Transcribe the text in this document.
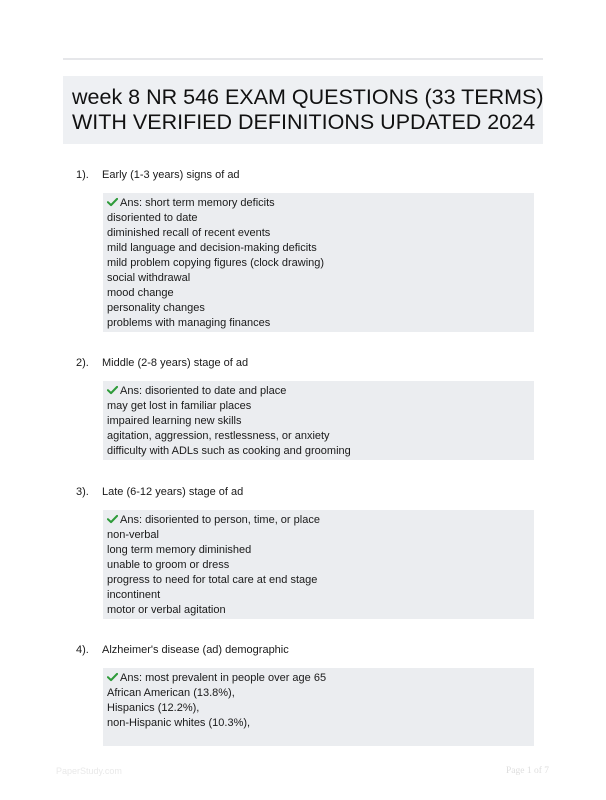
week 8 NR 546 EXAM QUESTIONS (33 TERMS)
WITH VERIFIED DEFINITIONS UPDATED 2024
1). Early (1-3 years) signs of ad
Ans: short term memory deficits
disoriented to date
diminished recall of recent events
mild language and decision-making deficits
mild problem copying figures (clock drawing)
social withdrawal
mood change
personality changes
problems with managing finances
2). Middle (2-8 years) stage of ad
Ans: disoriented to date and place
may get lost in familiar places
impaired learning new skills
agitation, aggression, restlessness, or anxiety
difficulty with ADLs such as cooking and grooming
3). Late (6-12 years) stage of ad
Ans: disoriented to person, time, or place
non-verbal
long term memory diminished
unable to groom or dress
progress to need for total care at end stage
incontinent
motor or verbal agitation
4). Alzheimer's disease (ad) demographic
Ans: most prevalent in people over age 65
African American (13.8%),
Hispanics (12.2%),
non-Hispanic whites (10.3%),
PaperStudy.com	Page 1 of 7
